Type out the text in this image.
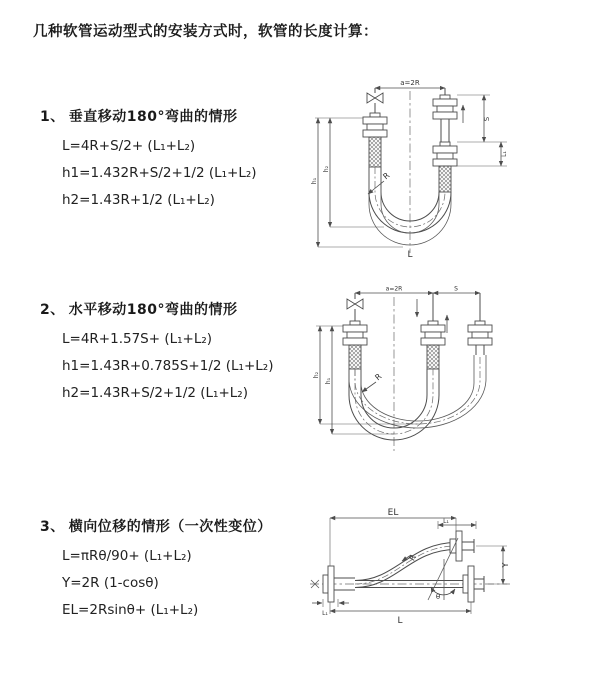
几种软管运动型式的安装方式时，软管的长度计算：
1、 垂直移动180°弯曲的情形
L=4R+S/2+ (L₁+L₂)
h1=1.432R+S/2+1/2 (L₁+L₂)
h2=1.43R+1/2 (L₁+L₂)
2、 水平移动180°弯曲的情形
L=4R+1.57S+ (L₁+L₂)
h1=1.43R+0.785S+1/2 (L₁+L₂)
h2=1.43R+S/2+1/2 (L₁+L₂)
3、 横向位移的情形（一次性变位）
L=πRθ/90+ (L₁+L₂)
Y=2R (1-cosθ)
EL=2Rsinθ+ (L₁+L₂)
a=2R
h₁
h₂
S
L₁
R
L
a=2R	S
h₂
h₁	R
EL
L₁
Y
θ
R
L
L₁
